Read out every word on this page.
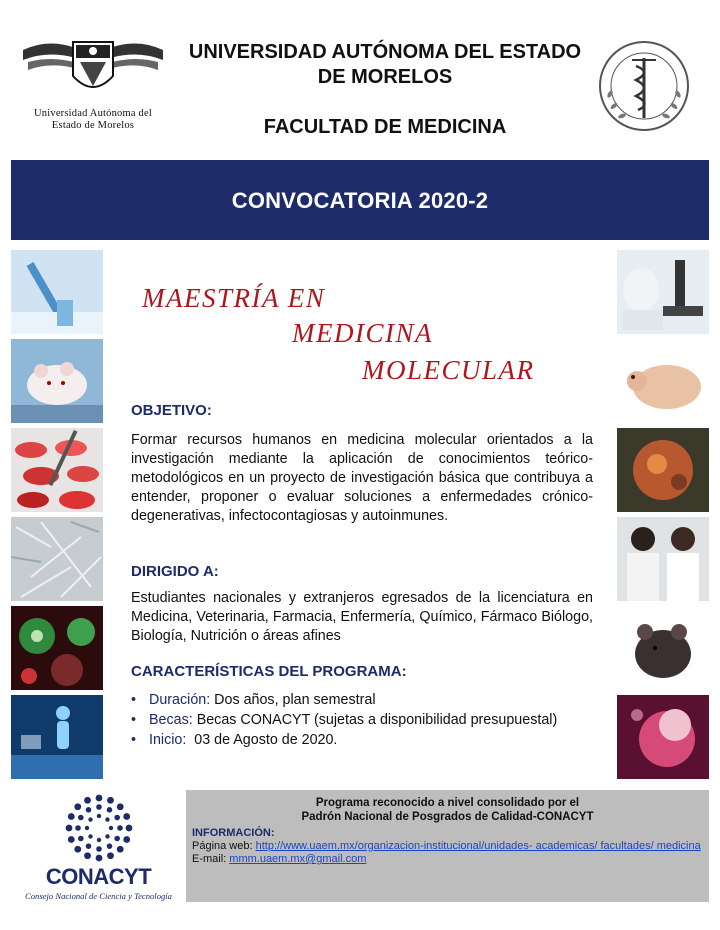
Universidad Autónoma del
Estado de Morelos
UNIVERSIDAD AUTÓNOMA DEL ESTADO
DE MORELOS
FACULTAD DE MEDICINA
CONVOCATORIA 2020-2
MAESTRÍA EN
MEDICINA
MOLECULAR
OBJETIVO:
Formar recursos humanos en medicina molecular orientados a la investigación mediante la aplicación de conocimientos teórico-metodológicos en un proyecto de investigación básica que contribuya a entender, proponer o evaluar soluciones a enfermedades crónico-degenerativas, infectocontagiosas y autoinmunes.
DIRIGIDO A:
Estudiantes nacionales y extranjeros egresados de la licenciatura en Medicina, Veterinaria, Farmacia, Enfermería, Químico, Fármaco Biólogo, Biología, Nutrición o áreas afines
CARACTERÍSTICAS DEL PROGRAMA:
• Duración: Dos años, plan semestral
• Becas: Becas CONACYT (sujetas a disponibilidad presupuestal)
• Inicio:  03 de Agosto de 2020.
CONACYT
Consejo Nacional de Ciencia y Tecnología
Programa reconocido a nivel consolidado por el
Padrón Nacional de Posgrados de Calidad-CONACYT
INFORMACIÓN:
Página web: http://www.uaem.mx/organizacion-institucional/unidades- academicas/ facultades/ medicina
E-mail: mmm.uaem.mx@gmail.com
